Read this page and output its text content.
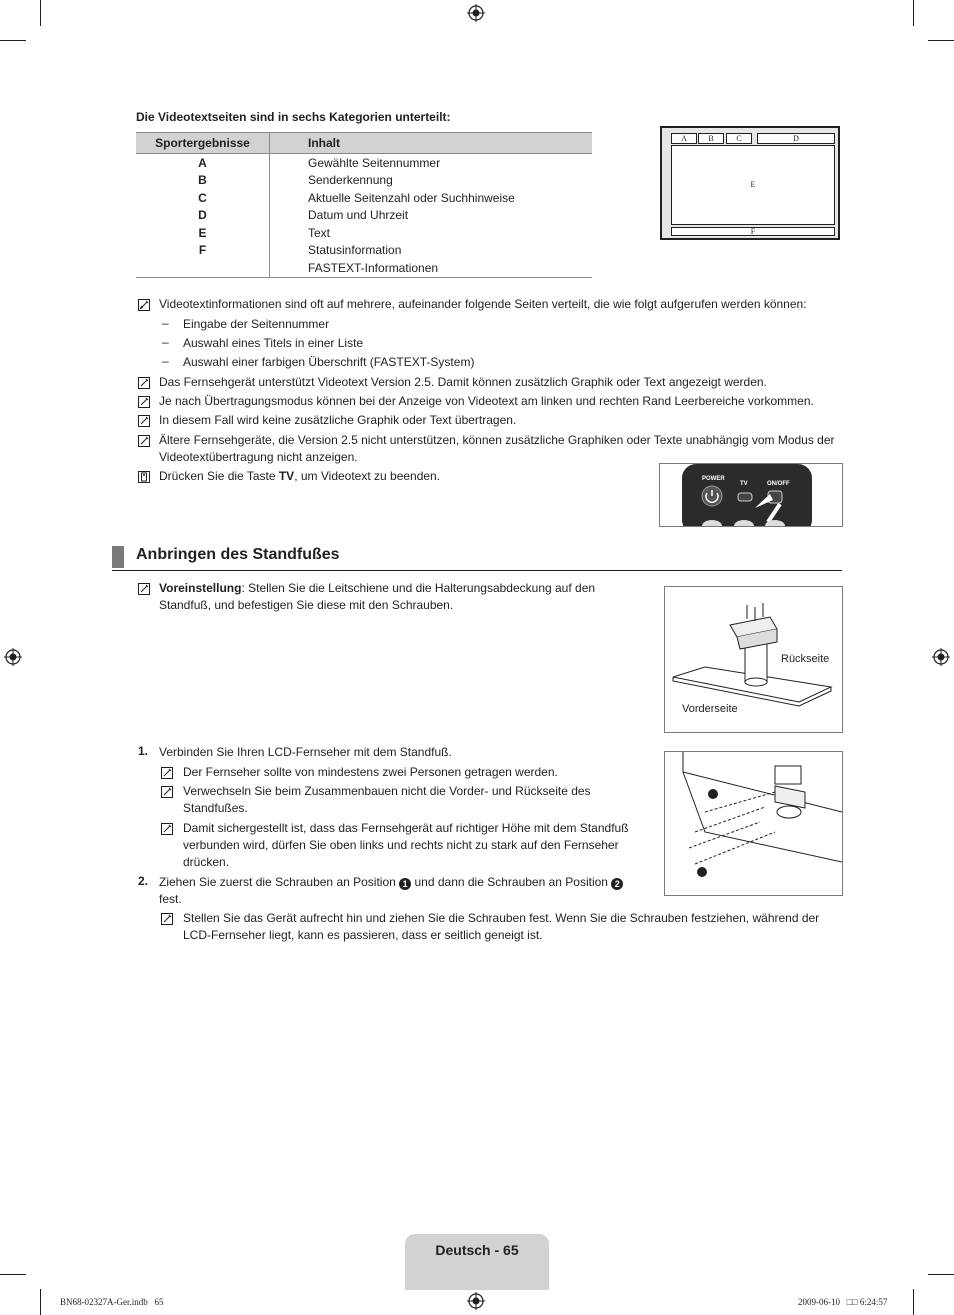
Die Videotextseiten sind in sechs Kategorien unterteilt:
Sportergebnisse	Inhalt
A	Gewählte Seitennummer
B	Senderkennung
C	Aktuelle Seitenzahl oder Suchhinweise
D	Datum und Uhrzeit
E	Text
F	Statusinformation
	FASTEXT-Informationen
A	B	C	D
E
F
Videotextinformationen sind oft auf mehrere, aufeinander folgende Seiten verteilt, die wie folgt aufgerufen werden können:
– Eingabe der Seitennummer
– Auswahl eines Titels in einer Liste
– Auswahl einer farbigen Überschrift (FASTEXT-System)
Das Fernsehgerät unterstützt Videotext Version 2.5. Damit können zusätzlich Graphik oder Text angezeigt werden.
Je nach Übertragungsmodus können bei der Anzeige von Videotext am linken und rechten Rand Leerbereiche vorkommen.
In diesem Fall wird keine zusätzliche Graphik oder Text übertragen.
Ältere Fernsehgeräte, die Version 2.5 nicht unterstützen, können zusätzliche Graphiken oder Texte unabhängig vom Modus der Videotextübertragung nicht anzeigen.
Drücken Sie die Taste TV, um Videotext zu beenden.	POWER
TV	ON/OFF
Anbringen des Standfußes
Voreinstellung: Stellen Sie die Leitschiene und die Halterungsabdeckung auf den Standfuß, und befestigen Sie diese mit den Schrauben.
Rückseite
Vorderseite
1. Verbinden Sie Ihren LCD-Fernseher mit dem Standfuß.
Der Fernseher sollte von mindestens zwei Personen getragen werden.
Verwechseln Sie beim Zusammenbauen nicht die Vorder- und Rückseite des Standfußes.
Damit sichergestellt ist, dass das Fernsehgerät auf richtiger Höhe mit dem Standfuß verbunden wird, dürfen Sie oben links und rechts nicht zu stark auf den Fernseher drücken.
2. Ziehen Sie zuerst die Schrauben an Position 1 und dann die Schrauben an Position 2
fest.
Stellen Sie das Gerät aufrecht hin und ziehen Sie die Schrauben fest. Wenn Sie die Schrauben festziehen, während der LCD-Fernseher liegt, kann es passieren, dass er seitlich geneigt ist.
Deutsch - 65
BN68-02327A-Ger.indb   65	2009-06-10   □□ 6:24:57
